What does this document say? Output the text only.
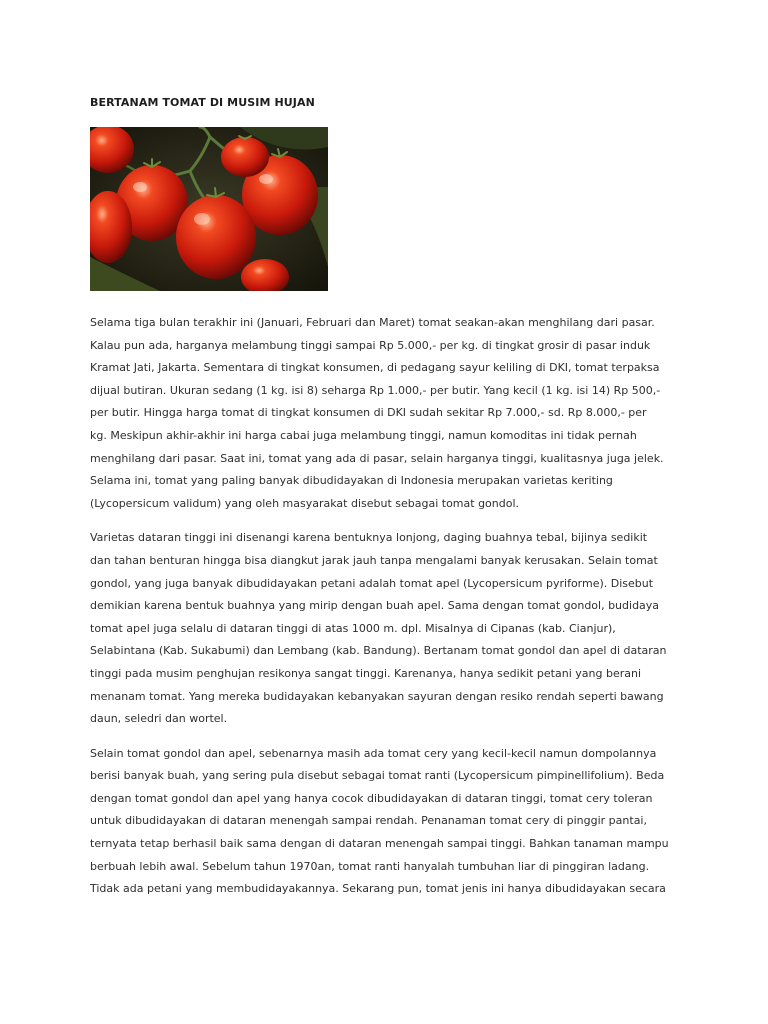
BERTANAM TOMAT DI MUSIM HUJAN

Selama tiga bulan terakhir ini (Januari, Februari dan Maret) tomat seakan-akan menghilang dari pasar.
Kalau pun ada, harganya melambung tinggi sampai Rp 5.000,- per kg. di tingkat grosir di pasar induk
Kramat Jati, Jakarta. Sementara di tingkat konsumen, di pedagang sayur keliling di DKI, tomat terpaksa
dijual butiran. Ukuran sedang (1 kg. isi 8) seharga Rp 1.000,- per butir. Yang kecil (1 kg. isi 14) Rp 500,-
per butir. Hingga harga tomat di tingkat konsumen di DKI sudah sekitar Rp 7.000,- sd. Rp 8.000,- per
kg. Meskipun akhir-akhir ini harga cabai juga melambung tinggi, namun komoditas ini tidak pernah
menghilang dari pasar. Saat ini, tomat yang ada di pasar, selain harganya tinggi, kualitasnya juga jelek.
Selama ini, tomat yang paling banyak dibudidayakan di Indonesia merupakan varietas keriting
(Lycopersicum validum) yang oleh masyarakat disebut sebagai tomat gondol.

Varietas dataran tinggi ini disenangi karena bentuknya lonjong, daging buahnya tebal, bijinya sedikit
dan tahan benturan hingga bisa diangkut jarak jauh tanpa mengalami banyak kerusakan. Selain tomat
gondol, yang juga banyak dibudidayakan petani adalah tomat apel (Lycopersicum pyriforme). Disebut
demikian karena bentuk buahnya yang mirip dengan buah apel. Sama dengan tomat gondol, budidaya
tomat apel juga selalu di dataran tinggi di atas 1000 m. dpl. Misalnya di Cipanas (kab. Cianjur),
Selabintana (Kab. Sukabumi) dan Lembang (kab. Bandung). Bertanam tomat gondol dan apel di dataran
tinggi pada musim penghujan resikonya sangat tinggi. Karenanya, hanya sedikit petani yang berani
menanam tomat. Yang mereka budidayakan kebanyakan sayuran dengan resiko rendah seperti bawang
daun, seledri dan wortel.

Selain tomat gondol dan apel, sebenarnya masih ada tomat cery yang kecil-kecil namun dompolannya
berisi banyak buah, yang sering pula disebut sebagai tomat ranti (Lycopersicum pimpinellifolium). Beda
dengan tomat gondol dan apel yang hanya cocok dibudidayakan di dataran tinggi, tomat cery toleran
untuk dibudidayakan di dataran menengah sampai rendah. Penanaman tomat cery di pinggir pantai,
ternyata tetap berhasil baik sama dengan di dataran menengah sampai tinggi. Bahkan tanaman mampu
berbuah lebih awal. Sebelum tahun 1970an, tomat ranti hanyalah tumbuhan liar di pinggiran ladang.
Tidak ada petani yang membudidayakannya. Sekarang pun, tomat jenis ini hanya dibudidayakan secara
